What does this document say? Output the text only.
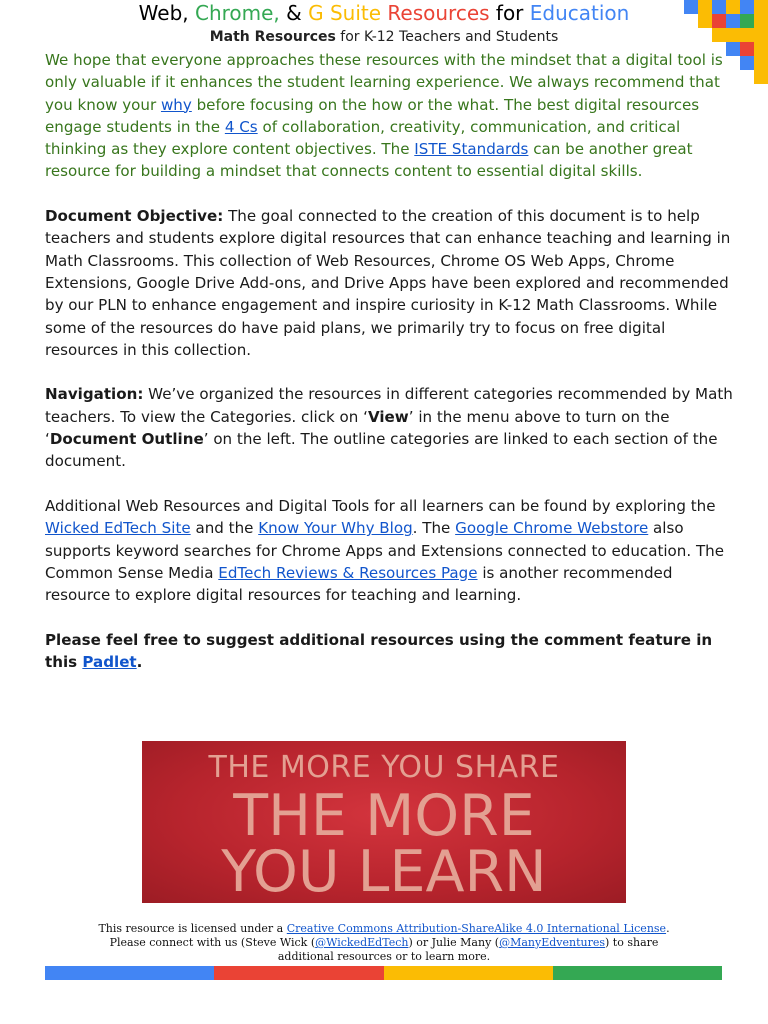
Web, Chrome, & G Suite Resources for Education
Math Resources for K-12 Teachers and Students

We hope that everyone approaches these resources with the mindset that a digital tool is only valuable if it enhances the student learning experience. We always recommend that you know your why before focusing on the how or the what. The best digital resources engage students in the 4 Cs of collaboration, creativity, communication, and critical thinking as they explore content objectives. The ISTE Standards can be another great resource for building a mindset that connects content to essential digital skills.

Document Objective: The goal connected to the creation of this document is to help teachers and students explore digital resources that can enhance teaching and learning in Math Classrooms. This collection of Web Resources, Chrome OS Web Apps, Chrome Extensions, Google Drive Add-ons, and Drive Apps have been explored and recommended by our PLN to enhance engagement and inspire curiosity in K-12 Math Classrooms. While some of the resources do have paid plans, we primarily try to focus on free digital resources in this collection.

Navigation: We’ve organized the resources in different categories recommended by Math teachers. To view the Categories. click on ‘View’ in the menu above to turn on the ‘Document Outline’ on the left. The outline categories are linked to each section of the document.

Additional Web Resources and Digital Tools for all learners can be found by exploring the Wicked EdTech Site and the Know Your Why Blog. The Google Chrome Webstore also supports keyword searches for Chrome Apps and Extensions connected to education. The Common Sense Media EdTech Reviews & Resources Page is another recommended resource to explore digital resources for teaching and learning.

Please feel free to suggest additional resources using the comment feature in this Padlet.

THE MORE YOU SHARE
THE MORE
YOU LEARN
This resource is licensed under a Creative Commons Attribution-ShareAlike 4.0 International License.
Please connect with us (Steve Wick (@WickedEdTech) or Julie Many (@ManyEdventures) to share
additional resources or to learn more.
